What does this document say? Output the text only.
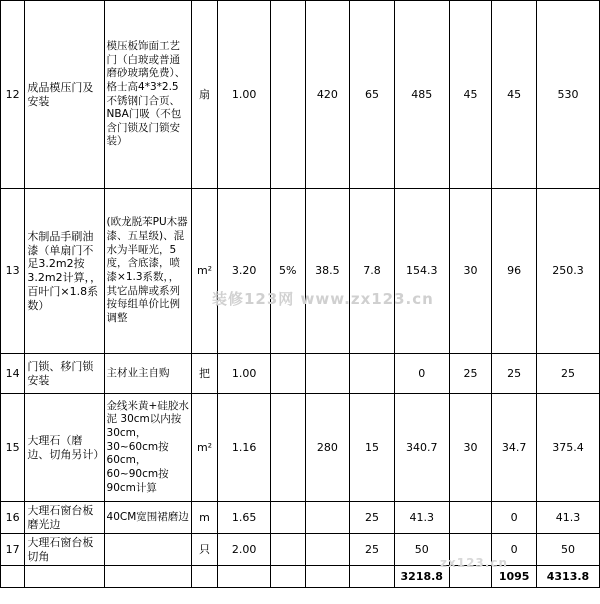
12	成品模压门及安装	模压板饰面工艺门（白玻或普通磨砂玻璃免费）、格士高4*3*2.5不锈钢门合页、NBA门吸（不包含门锁及门锁安装）	扇	1.00		420	65	485	45	45	530
13	木制品手刷油漆（单扇门不足3.2m2按3.2m2计算，，百叶门×1.8系数）	(欧龙脱苯PU木器漆、五星级)、混水为半哑光，5度，含底漆，喷漆×1.3系数，，其它品牌或系列按每组单价比例调整	m²	3.20	5%	38.5	7.8	154.3	30	96	250.3
14	门锁、移门锁安装	主材业主自购	把	1.00				0	25	25	25
15	大理石（磨边、切角另计）	金线米黄+硅胶水泥 30cm以内按30cm，30~60cm按60cm，60~90cm按90cm计算	m²	1.16		280	15	340.7	30	34.7	375.4
16	大理石窗台板磨光边	40CM宽围裙磨边	m	1.65			25	41.3		0	41.3
17	大理石窗台板切角		只	2.00			25	50		0	50
								3218.8		1095	4313.8
装修123网 www.zx123.cn
zx123.cn
